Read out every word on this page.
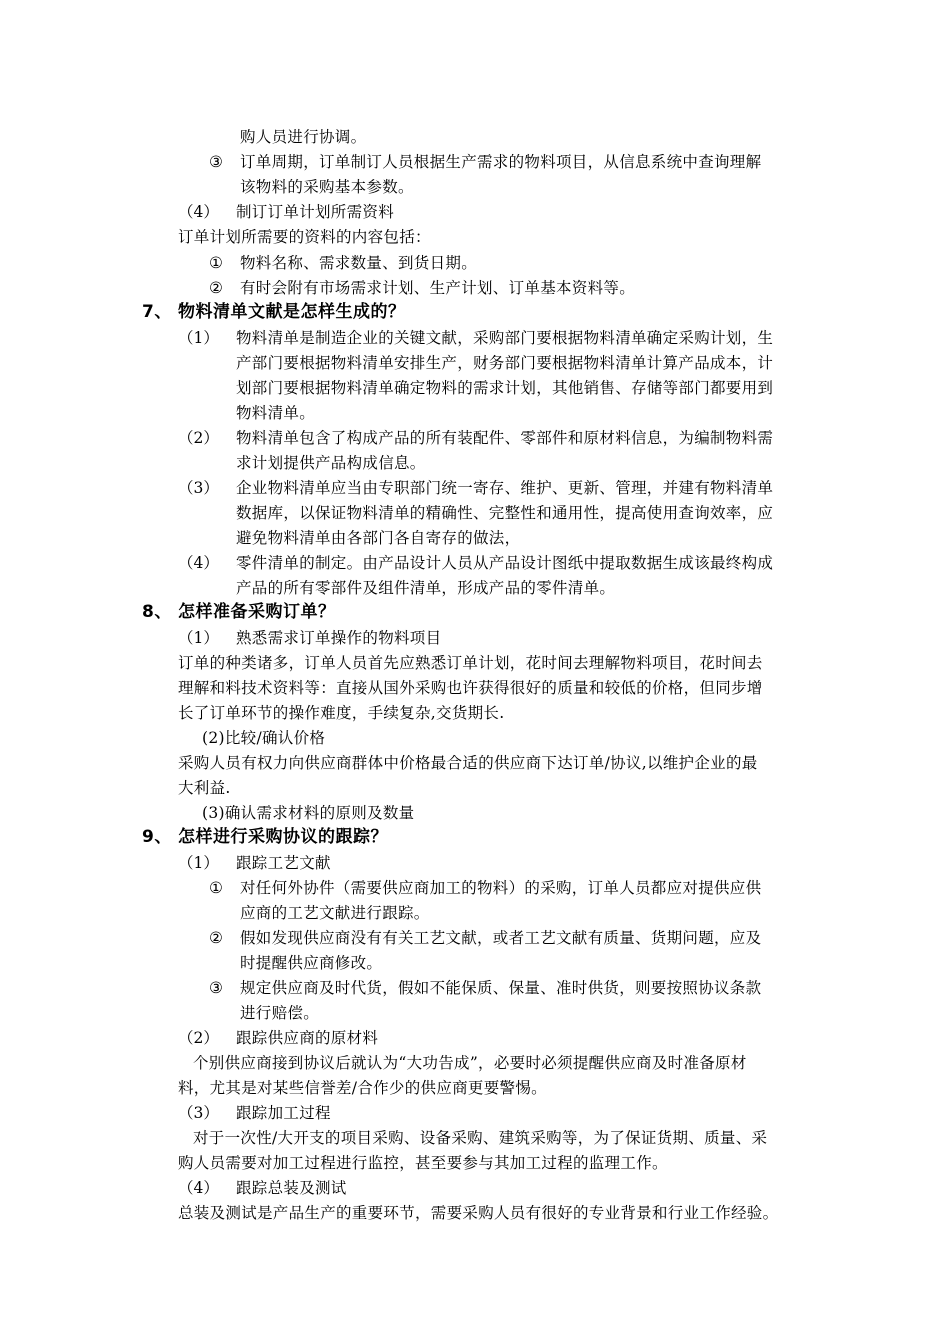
购人员进行协调。
③ 订单周期，订单制订人员根据生产需求的物料项目，从信息系统中查询理解
该物料的采购基本参数。
（4） 制订订单计划所需资料
订单计划所需要的资料的内容包括：
① 物料名称、需求数量、到货日期。
② 有时会附有市场需求计划、生产计划、订单基本资料等。
7、 物料清单文献是怎样生成的？
（1） 物料清单是制造企业的关键文献，采购部门要根据物料清单确定采购计划，生
产部门要根据物料清单安排生产，财务部门要根据物料清单计算产品成本，计
划部门要根据物料清单确定物料的需求计划，其他销售、存储等部门都要用到
物料清单。
（2） 物料清单包含了构成产品的所有装配件、零部件和原材料信息，为编制物料需
求计划提供产品构成信息。
（3） 企业物料清单应当由专职部门统一寄存、维护、更新、管理，并建有物料清单
数据库，以保证物料清单的精确性、完整性和通用性，提高使用查询效率，应
避免物料清单由各部门各自寄存的做法，
（4） 零件清单的制定。由产品设计人员从产品设计图纸中提取数据生成该最终构成
产品的所有零部件及组件清单，形成产品的零件清单。
8、 怎样准备采购订单？
（1） 熟悉需求订单操作的物料项目
订单的种类诸多，订单人员首先应熟悉订单计划，花时间去理解物料项目，花时间去
理解和料技术资料等：直接从国外采购也许获得很好的质量和较低的价格，但同步增
长了订单环节的操作难度，手续复杂,交货期长.
(2)比较/确认价格
采购人员有权力向供应商群体中价格最合适的供应商下达订单/协议,以维护企业的最
大利益.
(3)确认需求材料的原则及数量
9、 怎样进行采购协议的跟踪？
（1） 跟踪工艺文献
① 对任何外协件（需要供应商加工的物料）的采购，订单人员都应对提供应供
应商的工艺文献进行跟踪。
② 假如发现供应商没有有关工艺文献，或者工艺文献有质量、货期问题，应及
时提醒供应商修改。
③ 规定供应商及时代货，假如不能保质、保量、准时供货，则要按照协议条款
进行赔偿。
（2） 跟踪供应商的原材料
个别供应商接到协议后就认为“大功告成”，必要时必须提醒供应商及时准备原材
料，尤其是对某些信誉差/合作少的供应商更要警惕。
（3） 跟踪加工过程
对于一次性/大开支的项目采购、设备采购、建筑采购等，为了保证货期、质量、采
购人员需要对加工过程进行监控，甚至要参与其加工过程的监理工作。
（4） 跟踪总装及测试
总装及测试是产品生产的重要环节，需要采购人员有很好的专业背景和行业工作经验。
